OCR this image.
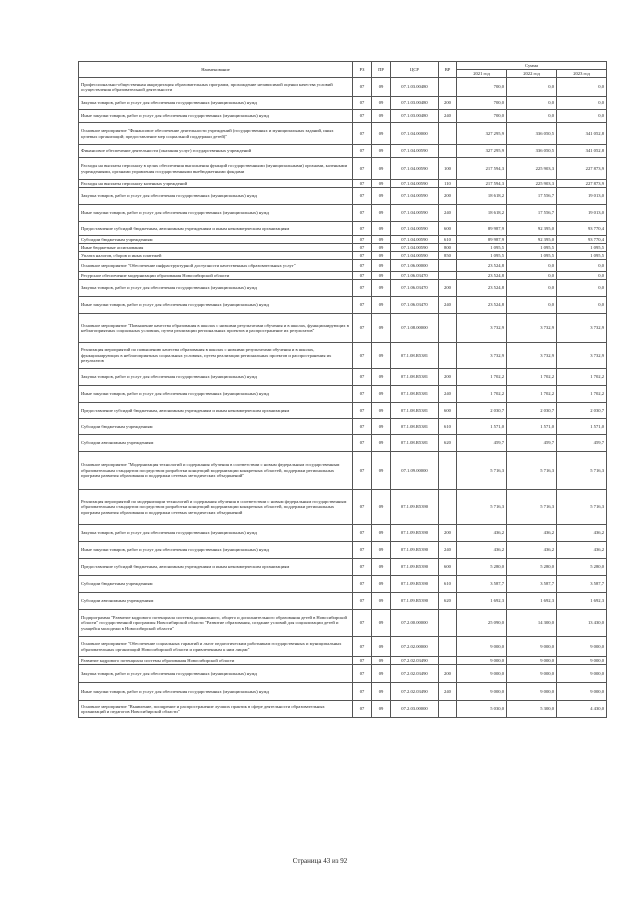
Наименование	РЗ	ПР	ЦСР	ВР	Сумма		
					2021 год	2022 год	2023 год
Профессионально-общественная аккредитация образовательных программ, прохождение независимой оценки качества условий осуществления образовательной деятельности	07	09	07.1.03.00480		700,0	0,0	0,0
Закупка товаров, работ и услуг для обеспечения государственных (муниципальных) нужд	07	09	07.1.03.00480	200	700,0	0,0	0,0
Иные закупки товаров, работ и услуг для обеспечения государственных (муниципальных) нужд	07	09	07.1.03.00480	240	700,0	0,0	0,0
Основное мероприятие "Финансовое обеспечение деятельности учреждений (государственных и муниципальных заданий, иных целевых организаций; предоставление мер социальной поддержки детей)"	07	09	07.1.04.00000		327 295,9	336 050,5	341 052,8
Финансовое обеспечение деятельности (оказания услуг) государственных учреждений	07	09	07.1.04.00590		327 295,9	336 050,5	341 052,8
Расходы на выплаты персоналу в целях обеспечения выполнения функций государственными (муниципальными) органами, казенными учреждениями, органами управления государственными внебюджетными фондами	07	09	07.1.04.00590	100	217 594,3	225 903,3	227 873,9
Расходы на выплаты персоналу казенных учреждений	07	09	07.1.04.00590	110	217 594,3	225 903,3	227 873,9
Закупка товаров, работ и услуг для обеспечения государственных (муниципальных) нужд	07	09	07.1.04.00590	200	18 618,2	17 556,7	19 013,0
Иные закупки товаров, работ и услуг для обеспечения государственных (муниципальных) нужд	07	09	07.1.04.00590	240	18 618,2	17 556,7	19 013,0
Предоставление субсидий бюджетным, автономным учреждениям и иным некоммерческим организациям	07	09	07.1.04.00590	600	89 987,9	92 395,0	93 770,4
Субсидии бюджетным учреждениям	07	09	07.1.04.00590	610	89 987,9	92 395,0	93 770,4
Иные бюджетные ассигнования	07	09	07.1.04.00590	800	1 095,5	1 095,5	1 095,5
Уплата налогов, сборов и иных платежей	07	09	07.1.04.00590	850	1 095,5	1 095,5	1 095,5
Основное мероприятие "Обеспечение инфраструктурной доступности качественных образовательных услуг"	07	09	07.1.06.00000		23 524,8	0,0	0,0
Ресурсное обеспечение модернизации образования Новосибирской области	07	09	07.1.06.03470		23 524,8	0,0	0,0
Закупка товаров, работ и услуг для обеспечения государственных (муниципальных) нужд	07	09	07.1.06.03470	200	23 524,8	0,0	0,0
Иные закупки товаров, работ и услуг для обеспечения государственных (муниципальных) нужд	07	09	07.1.06.03470	240	23 524,8	0,0	0,0
Основное мероприятие "Повышение качества образования в школах с низкими результатами обучения и в школах, функционирующих в неблагоприятных социальных условиях, путем реализации региональных проектов и распространение их результатов"	07	09	07.1.08.00000		3 732,9	3 732,9	3 732,9
Реализация мероприятий по повышению качества образования в школах с низкими результатами обучения и в школах, функционирующих в неблагоприятных социальных условиях, путем реализации региональных проектов и распространения их результатов	07	09	07.1.08.R5381		3 732,9	3 732,9	3 732,9
Закупка товаров, работ и услуг для обеспечения государственных (муниципальных) нужд	07	09	07.1.08.R5381	200	1 702,2	1 702,2	1 702,2
Иные закупки товаров, работ и услуг для обеспечения государственных (муниципальных) нужд	07	09	07.1.08.R5381	240	1 702,2	1 702,2	1 702,2
Предоставление субсидий бюджетным, автономным учреждениям и иным некоммерческим организациям	07	09	07.1.08.R5381	600	2 030,7	2 030,7	2 030,7
Субсидии бюджетным учреждениям	07	09	07.1.08.R5381	610	1 571,0	1 571,0	1 571,0
Субсидии автономным учреждениям	07	09	07.1.08.R5381	620	459,7	459,7	459,7
Основное мероприятие "Модернизация технологий и содержания обучения в соответствии с новым федеральным государственным образовательным стандартом посредством разработки концепций модернизации конкретных областей, поддержки региональных программ развития образования и поддержки сетевых методических объединений"	07	09	07.1.09.00000		5 716,3	5 716,3	5 716,3
Реализация мероприятий по модернизации технологий и содержания обучения в соответствии с новым федеральным государственным образовательным стандартом посредством разработки концепций модернизации конкретных областей, поддержки региональных программ развития образования и поддержки сетевых методических объединений	07	09	07.1.09.R5390		5 716,3	5 716,3	5 716,3
Закупка товаров, работ и услуг для обеспечения государственных (муниципальных) нужд	07	09	07.1.09.R5390	200	436,2	436,2	436,2
Иные закупки товаров, работ и услуг для обеспечения государственных (муниципальных) нужд	07	09	07.1.09.R5390	240	436,2	436,2	436,2
Предоставление субсидий бюджетным, автономным учреждениям и иным некоммерческим организациям	07	09	07.1.09.R5390	600	5 280,0	5 280,0	5 280,0
Субсидии бюджетным учреждениям	07	09	07.1.09.R5390	610	3 587,7	3 587,7	3 587,7
Субсидии автономным учреждениям	07	09	07.1.09.R5390	620	1 692,3	1 692,3	1 692,3
Подпрограмма "Развитие кадрового потенциала системы дошкольного, общего и дополнительного образования детей в Новосибирской области" государственной программы Новосибирской области "Развитие образования, создание условий для социализации детей и учащейся молодежи в Новосибирской области"	07	09	07.2.00.00000		25 090,0	14 300,0	13 430,0
Основное мероприятие "Обеспечение социальных гарантий и льгот педагогическим работникам государственных и муниципальных образовательных организаций Новосибирской области и привлеченным к ним лицам"	07	09	07.2.02.00000		9 000,0	9 000,0	9 000,0
Развитие кадрового потенциала системы образования Новосибирской области	07	09	07.2.02.03490		9 000,0	9 000,0	9 000,0
Закупка товаров, работ и услуг для обеспечения государственных (муниципальных) нужд	07	09	07.2.02.03490	200	9 000,0	9 000,0	9 000,0
Иные закупки товаров, работ и услуг для обеспечения государственных (муниципальных) нужд	07	09	07.2.02.03490	240	9 000,0	9 000,0	9 000,0
Основное мероприятие "Выявление, поощрение и распространение лучших практик в сфере деятельности образовательных организаций и педагогов Новосибирской области"	07	09	07.2.03.00000		5 030,0	5 300,0	4 430,0
Страница 43 из 92
